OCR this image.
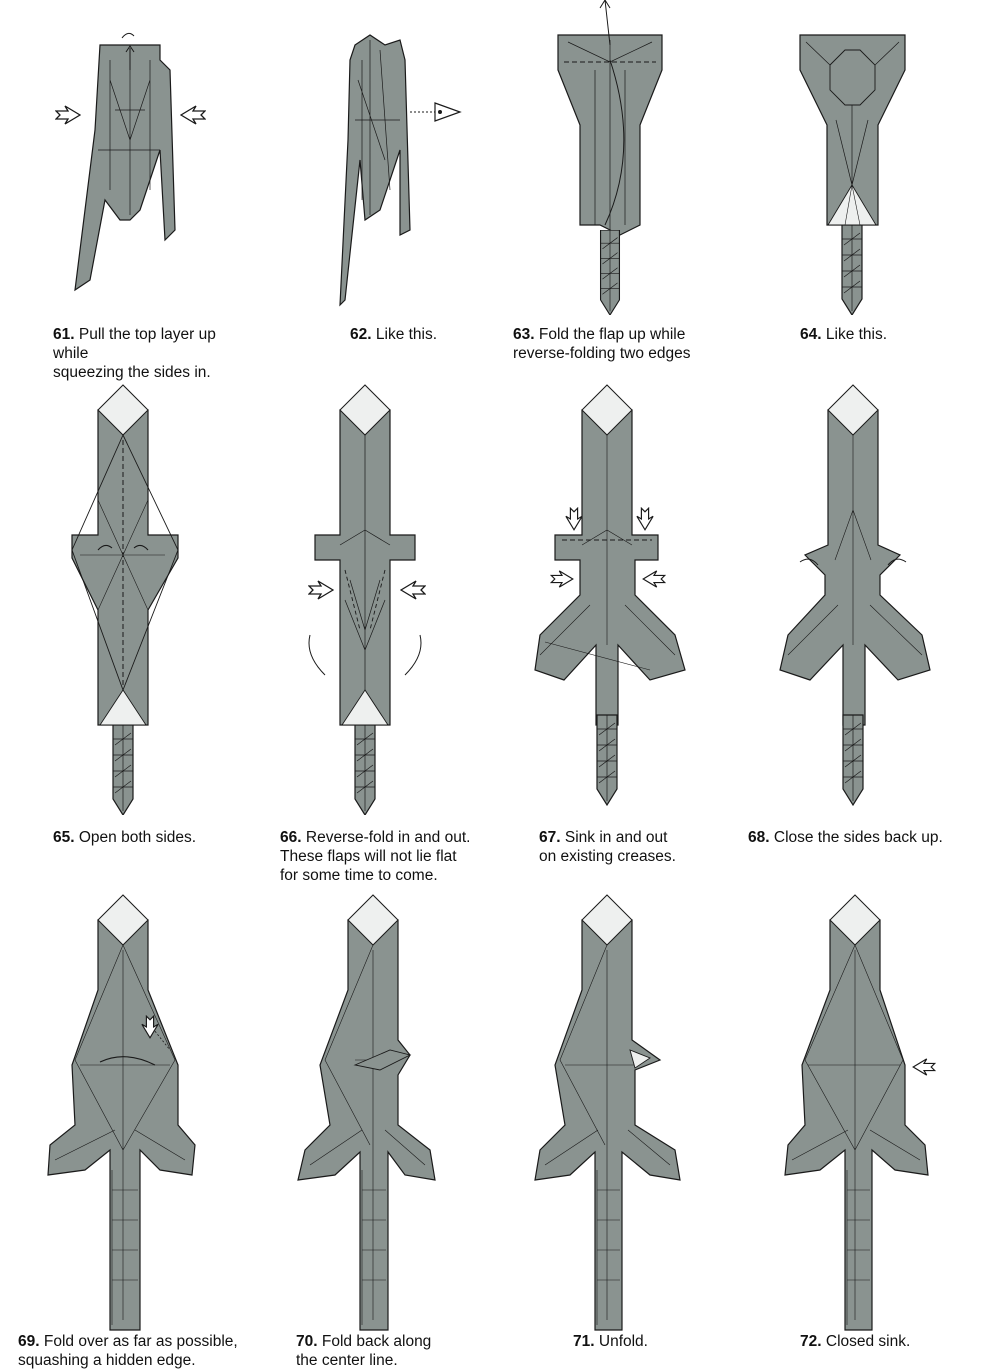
61. Pull the top layer up while
squeezing the sides in.
62. Like this.	63. Fold the flap up while
reverse-folding two edges
64. Like this.
65. Open both sides.	66. Reverse-fold in and out.
These flaps will not lie flat
for some time to come.
67. Sink in and out
on existing creases.
68. Close the sides back up.
69. Fold over as far as possible,
squashing a hidden edge.
70. Fold back along
the center line.
71. Unfold.	72. Closed sink.
